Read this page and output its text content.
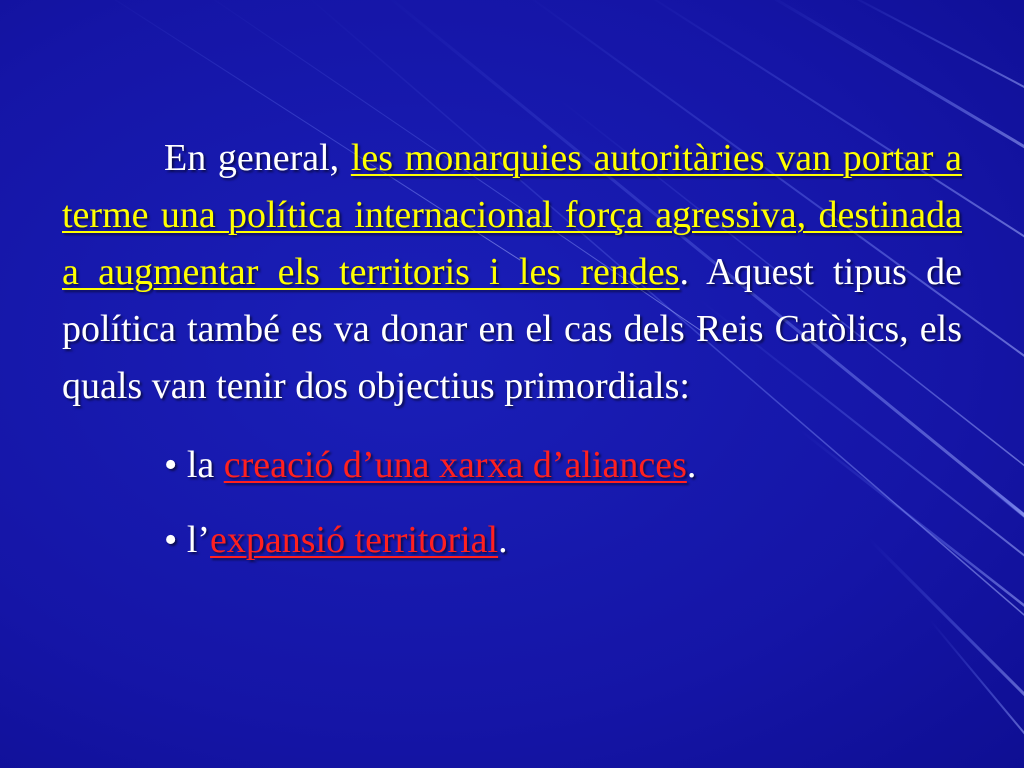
En general, les monarquies autoritàries van portar a terme una política internacional força agressiva, destinada a augmentar els territoris i les rendes. Aquest tipus de política també es va donar en el cas dels Reis Catòlics, els quals van tenir dos objectius primordials:

• la creació d’una xarxa d’aliances.
• l’expansió territorial.
